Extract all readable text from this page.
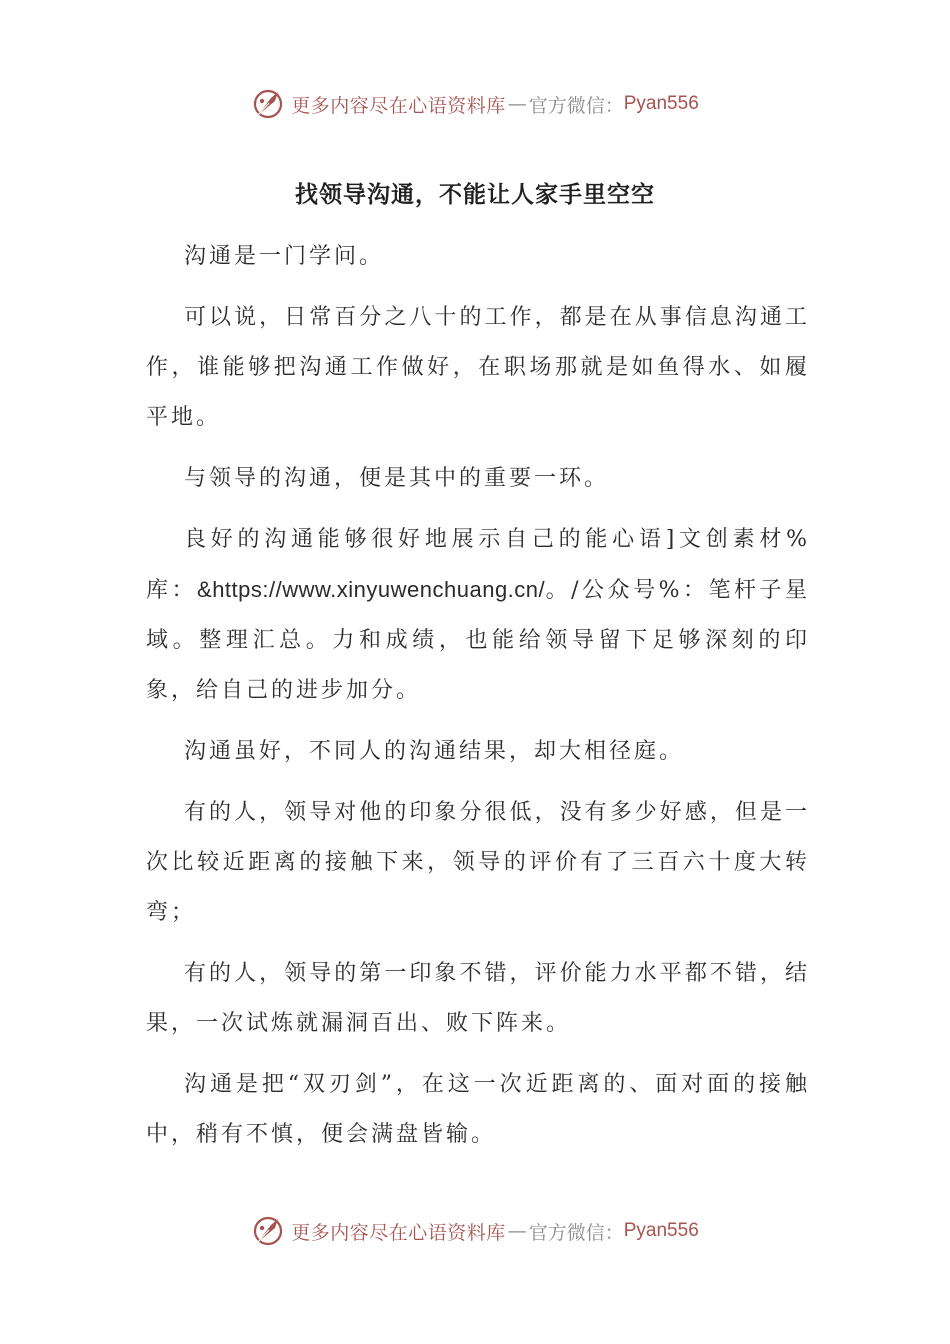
更多内容尽在心语资料库 — 官方微信： Pyan556
找领导沟通，不能让人家手里空空

沟通是一门学问。

可以说，日常百分之八十的工作，都是在从事信息沟通工作，谁能够把沟通工作做好，在职场那就是如鱼得水、如履平地。

与领导的沟通，便是其中的重要一环。

良好的沟通能够很好地展示自己的能心语]文创素材%库：&https://www.xinyuwenchuang.cn/。/公众号%：笔杆子星域。整理汇总。力和成绩，也能给领导留下足够深刻的印象，给自己的进步加分。

沟通虽好，不同人的沟通结果，却大相径庭。

有的人，领导对他的印象分很低，没有多少好感，但是一次比较近距离的接触下来，领导的评价有了三百六十度大转弯；

有的人，领导的第一印象不错，评价能力水平都不错，结果，一次试炼就漏洞百出、败下阵来。

沟通是把“双刃剑”，在这一次近距离的、面对面的接触中，稍有不慎，便会满盘皆输。

更多内容尽在心语资料库 — 官方微信： Pyan556
